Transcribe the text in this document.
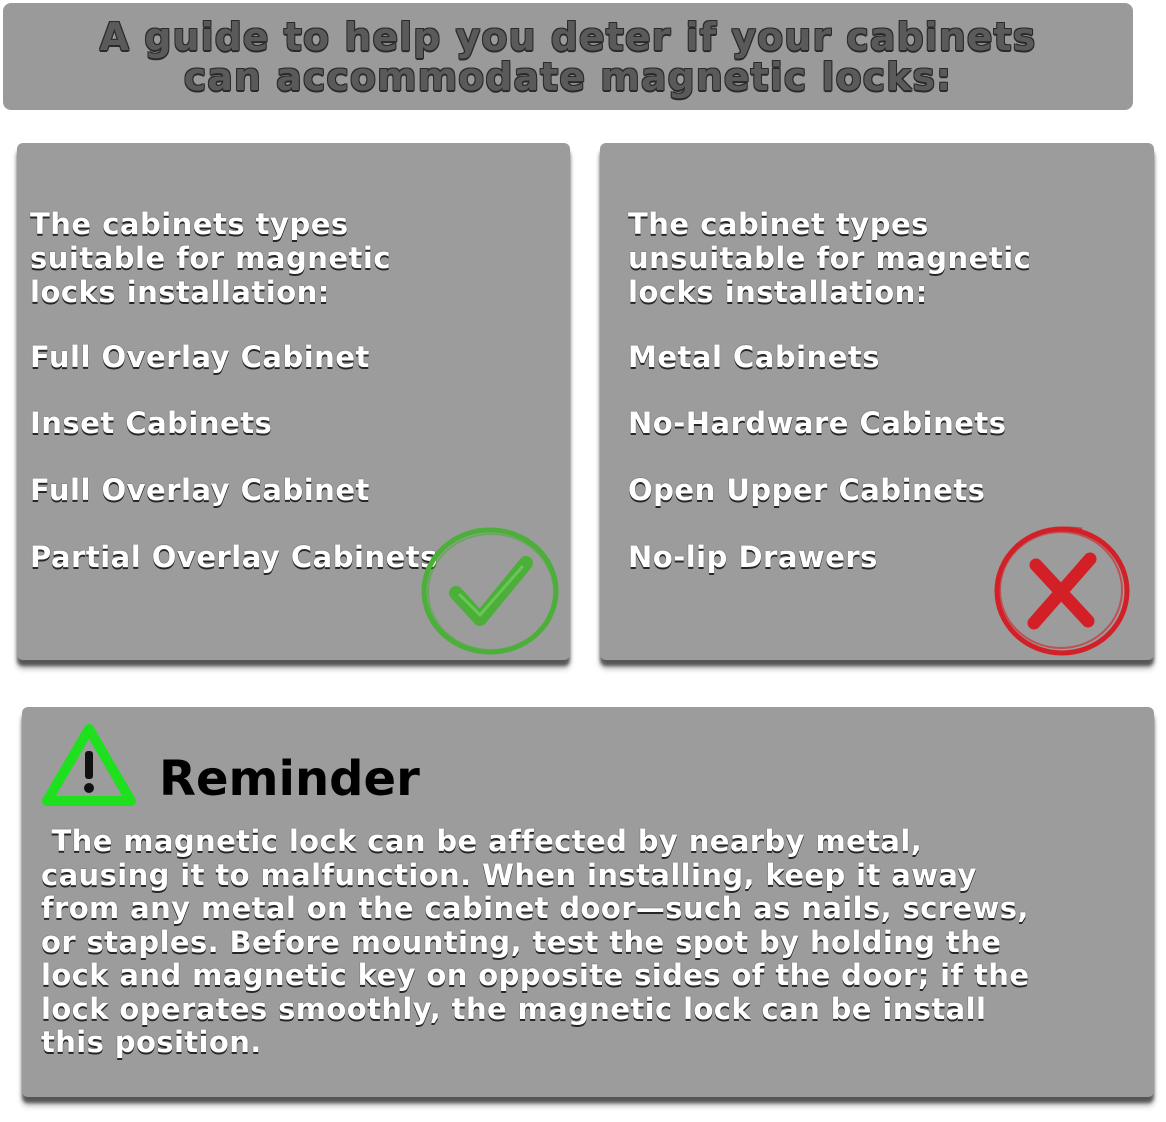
A guide to help you deter if your cabinets
can accommodate magnetic locks:
The cabinets types
suitable for magnetic
locks installation:
Full Overlay Cabinet
Inset Cabinets
Full Overlay Cabinet
Partial Overlay Cabinets
The cabinet types
unsuitable for magnetic
locks installation:
Metal Cabinets
No-Hardware Cabinets
Open Upper Cabinets
No-lip Drawers
Reminder

The magnetic lock can be affected by nearby metal,
causing it to malfunction. When installing, keep it away
from any metal on the cabinet door—such as nails, screws,
or staples. Before mounting, test the spot by holding the
lock and magnetic key on opposite sides of the door; if the
lock operates smoothly, the magnetic lock can be install
this position.
